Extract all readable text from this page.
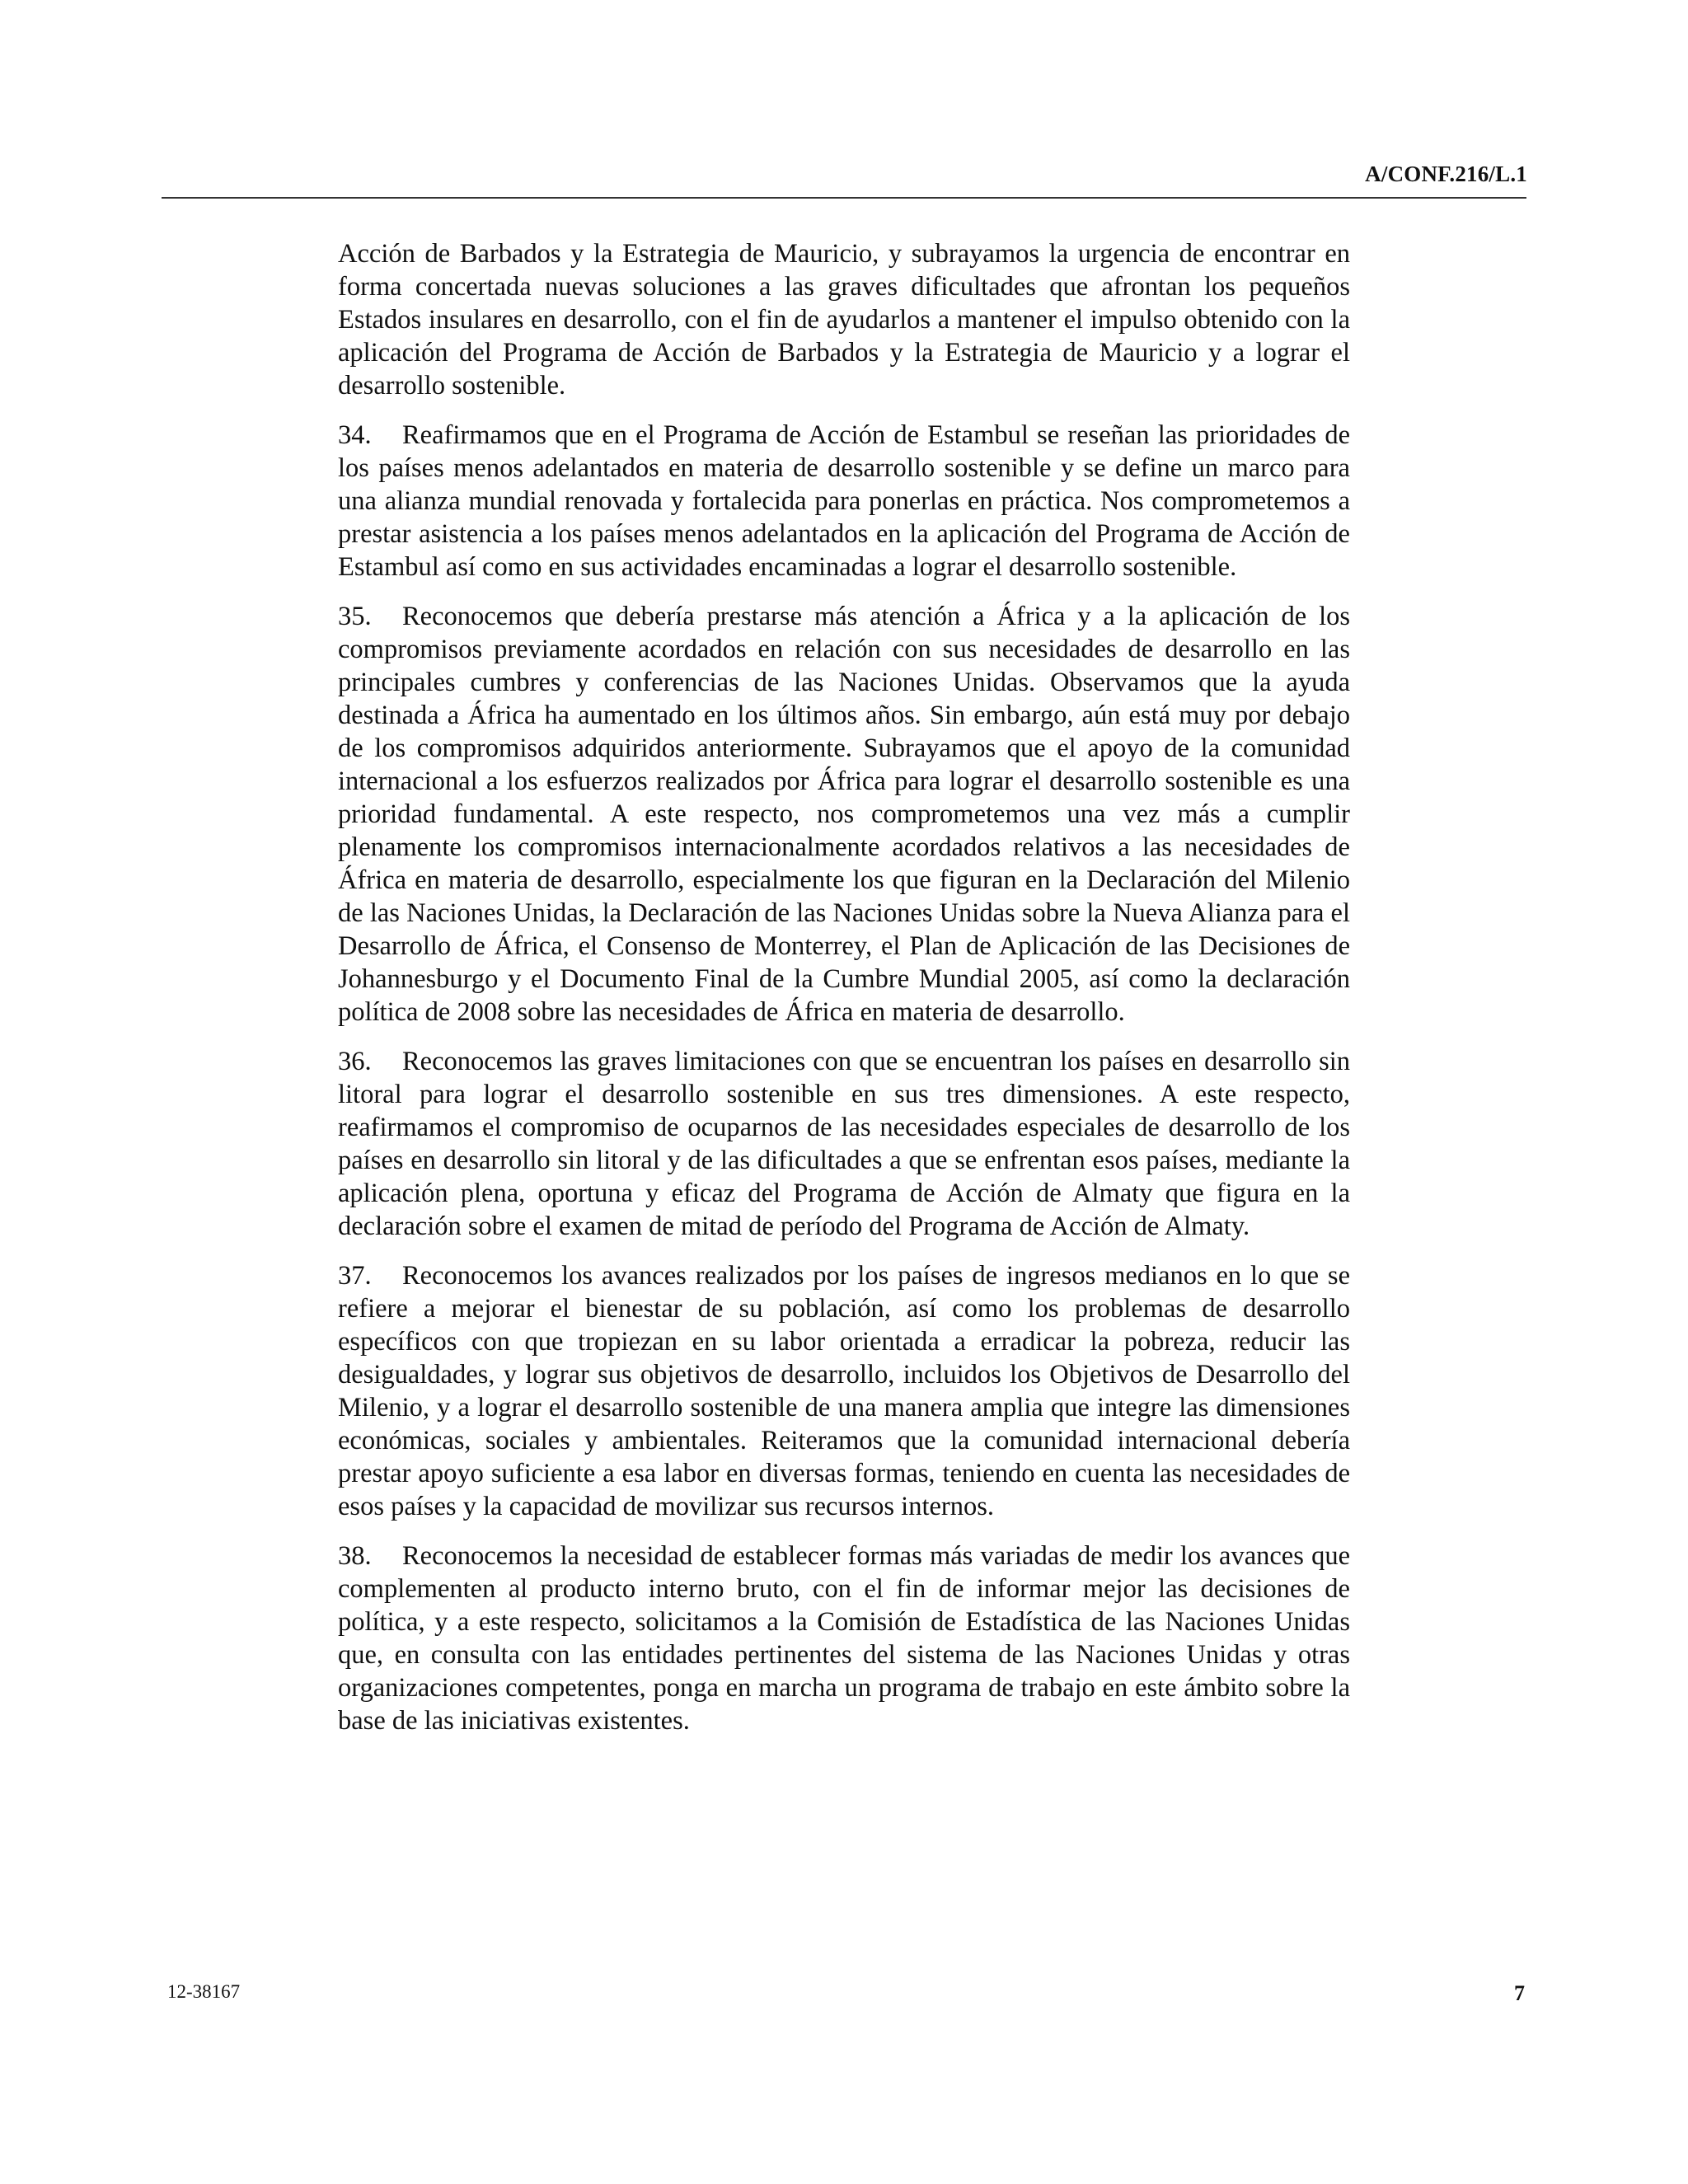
A/CONF.216/L.1

Acción de Barbados y la Estrategia de Mauricio, y subrayamos la urgencia de encontrar en forma concertada nuevas soluciones a las graves dificultades que afrontan los pequeños Estados insulares en desarrollo, con el fin de ayudarlos a mantener el impulso obtenido con la aplicación del Programa de Acción de Barbados y la Estrategia de Mauricio y a lograr el desarrollo sostenible.

34. Reafirmamos que en el Programa de Acción de Estambul se reseñan las prioridades de los países menos adelantados en materia de desarrollo sostenible y se define un marco para una alianza mundial renovada y fortalecida para ponerlas en práctica. Nos comprometemos a prestar asistencia a los países menos adelantados en la aplicación del Programa de Acción de Estambul así como en sus actividades encaminadas a lograr el desarrollo sostenible.

35. Reconocemos que debería prestarse más atención a África y a la aplicación de los compromisos previamente acordados en relación con sus necesidades de desarrollo en las principales cumbres y conferencias de las Naciones Unidas. Observamos que la ayuda destinada a África ha aumentado en los últimos años. Sin embargo, aún está muy por debajo de los compromisos adquiridos anteriormente. Subrayamos que el apoyo de la comunidad internacional a los esfuerzos realizados por África para lograr el desarrollo sostenible es una prioridad fundamental. A este respecto, nos comprometemos una vez más a cumplir plenamente los compromisos internacionalmente acordados relativos a las necesidades de África en materia de desarrollo, especialmente los que figuran en la Declaración del Milenio de las Naciones Unidas, la Declaración de las Naciones Unidas sobre la Nueva Alianza para el Desarrollo de África, el Consenso de Monterrey, el Plan de Aplicación de las Decisiones de Johannesburgo y el Documento Final de la Cumbre Mundial 2005, así como la declaración política de 2008 sobre las necesidades de África en materia de desarrollo.

36. Reconocemos las graves limitaciones con que se encuentran los países en desarrollo sin litoral para lograr el desarrollo sostenible en sus tres dimensiones. A este respecto, reafirmamos el compromiso de ocuparnos de las necesidades especiales de desarrollo de los países en desarrollo sin litoral y de las dificultades a que se enfrentan esos países, mediante la aplicación plena, oportuna y eficaz del Programa de Acción de Almaty que figura en la declaración sobre el examen de mitad de período del Programa de Acción de Almaty.

37. Reconocemos los avances realizados por los países de ingresos medianos en lo que se refiere a mejorar el bienestar de su población, así como los problemas de desarrollo específicos con que tropiezan en su labor orientada a erradicar la pobreza, reducir las desigualdades, y lograr sus objetivos de desarrollo, incluidos los Objetivos de Desarrollo del Milenio, y a lograr el desarrollo sostenible de una manera amplia que integre las dimensiones económicas, sociales y ambientales. Reiteramos que la comunidad internacional debería prestar apoyo suficiente a esa labor en diversas formas, teniendo en cuenta las necesidades de esos países y la capacidad de movilizar sus recursos internos.

38. Reconocemos la necesidad de establecer formas más variadas de medir los avances que complementen al producto interno bruto, con el fin de informar mejor las decisiones de política, y a este respecto, solicitamos a la Comisión de Estadística de las Naciones Unidas que, en consulta con las entidades pertinentes del sistema de las Naciones Unidas y otras organizaciones competentes, ponga en marcha un programa de trabajo en este ámbito sobre la base de las iniciativas existentes.

12-38167	7
